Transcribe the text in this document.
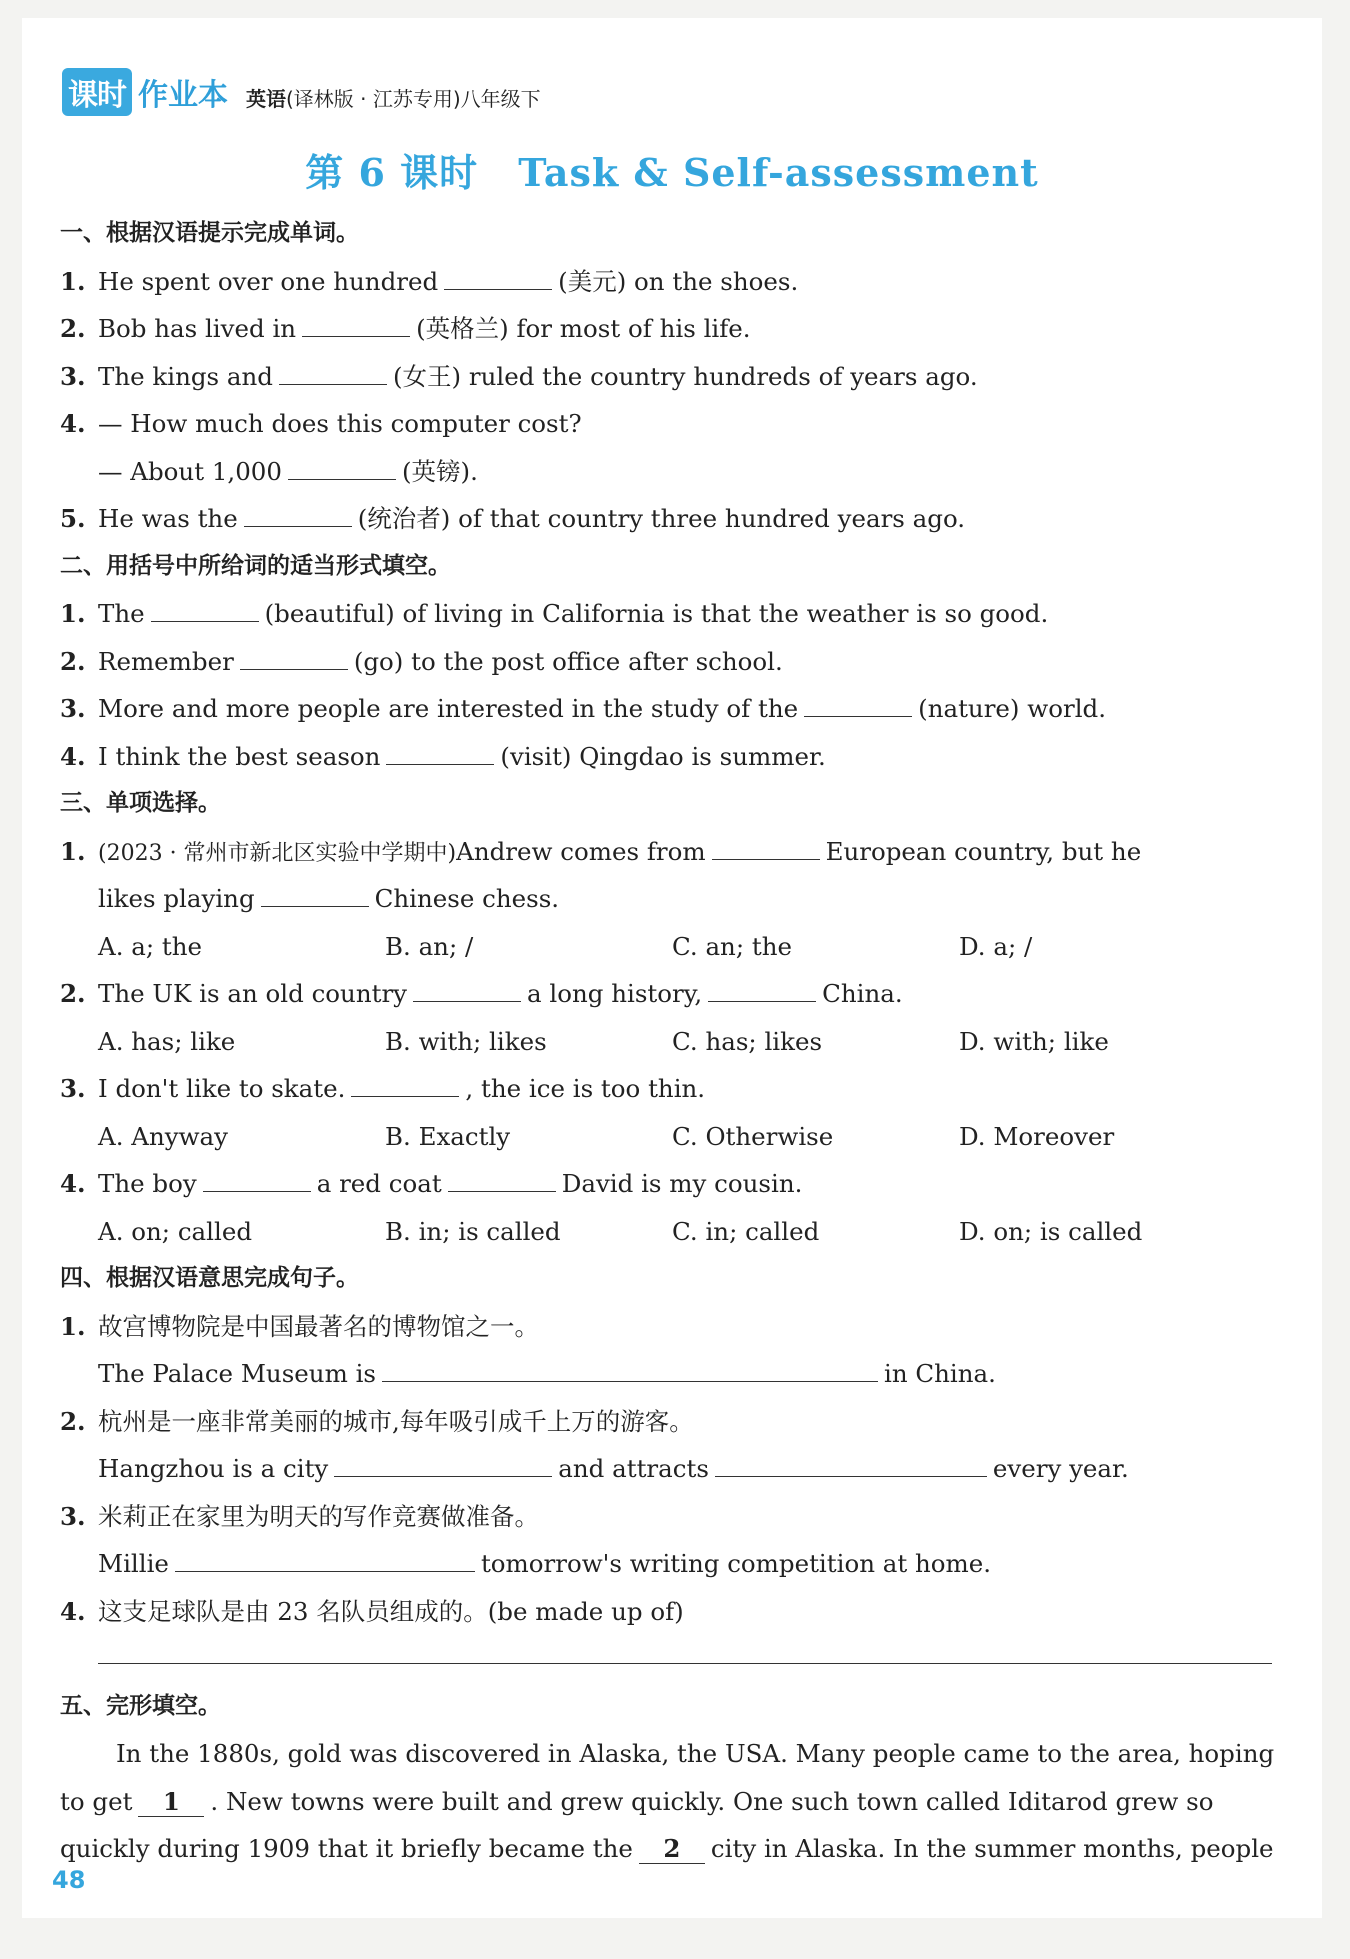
课时 作业本 英语(译林版 · 江苏专用)八年级下
第 6 课时 Task & Self-assessment
一、根据汉语提示完成单词。
1. He spent over one hundred	(美元) on the shoes.
2. Bob has lived in	(英格兰) for most of his life.
3. The kings and	(女王) ruled the country hundreds of years ago.
4. — How much does this computer cost?
— About 1,000	(英镑).
5. He was the	(统治者) of that country three hundred years ago.
二、用括号中所给词的适当形式填空。
1. The	(beautiful) of living in California is that the weather is so good.
2. Remember	(go) to the post office after school.
3. More and more people are interested in the study of the	(nature) world.
4. I think the best season	(visit) Qingdao is summer.
三、单项选择。
1. (2023 · 常州市新北区实验中学期中)Andrew comes from	European country, but he
likes playing	Chinese chess.
A. a; the	B. an; /	C. an; the	D. a; /
2. The UK is an old country	a long history,	China.
A. has; like	B. with; likes	C. has; likes	D. with; like
3. I don't like to skate.	, the ice is too thin.
A. Anyway	B. Exactly	C. Otherwise	D. Moreover
4. The boy	a red coat	David is my cousin.
A. on; called	B. in; is called	C. in; called	D. on; is called
四、根据汉语意思完成句子。
1. 故宫博物院是中国最著名的博物馆之一。
The Palace Museum is	in China.
2. 杭州是一座非常美丽的城市,每年吸引成千上万的游客。
Hangzhou is a city	and attracts	every year.
3. 米莉正在家里为明天的写作竞赛做准备。
Millie	tomorrow's writing competition at home.
4. 这支足球队是由 23 名队员组成的。(be made up of)
五、完形填空。
In the 1880s, gold was discovered in Alaska, the USA. Many people came to the area, hoping
to get 1 . New towns were built and grew quickly. One such town called Iditarod grew so
quickly during 1909 that it briefly became the 2 city in Alaska. In the summer months, people
48
